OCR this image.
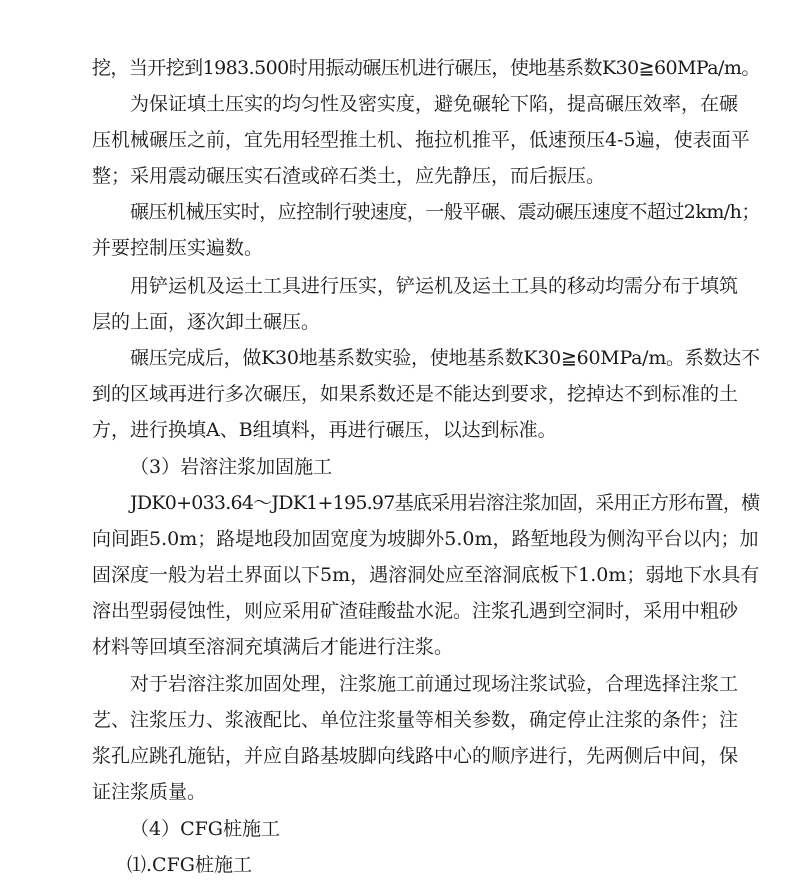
挖，当开挖到1983.500时用振动碾压机进行碾压，使地基系数K30≧60MPa/m。
为保证填土压实的均匀性及密实度，避免碾轮下陷，提高碾压效率，在碾
压机械碾压之前，宜先用轻型推土机、拖拉机推平，低速预压4-5遍，使表面平
整；采用震动碾压实石渣或碎石类土，应先静压，而后振压。
碾压机械压实时，应控制行驶速度，一般平碾、震动碾压速度不超过2km/h；
并要控制压实遍数。
用铲运机及运土工具进行压实，铲运机及运土工具的移动均需分布于填筑
层的上面，逐次卸土碾压。
碾压完成后，做K30地基系数实验，使地基系数K30≧60MPa/m。系数达不
到的区域再进行多次碾压，如果系数还是不能达到要求，挖掉达不到标准的土
方，进行换填A、B组填料，再进行碾压，以达到标准。
（3）岩溶注浆加固施工
JDK0+033.64～JDK1+195.97基底采用岩溶注浆加固，采用正方形布置，横
向间距5.0m；路堤地段加固宽度为坡脚外5.0m，路堑地段为侧沟平台以内；加
固深度一般为岩土界面以下5m，遇溶洞处应至溶洞底板下1.0m；弱地下水具有
溶出型弱侵蚀性，则应采用矿渣硅酸盐水泥。注浆孔遇到空洞时，采用中粗砂
材料等回填至溶洞充填满后才能进行注浆。
对于岩溶注浆加固处理，注浆施工前通过现场注浆试验，合理选择注浆工
艺、注浆压力、浆液配比、单位注浆量等相关参数，确定停止注浆的条件；注
浆孔应跳孔施钻，并应自路基坡脚向线路中心的顺序进行，先两侧后中间，保
证注浆质量。
（4）CFG桩施工
⑴.CFG桩施工
